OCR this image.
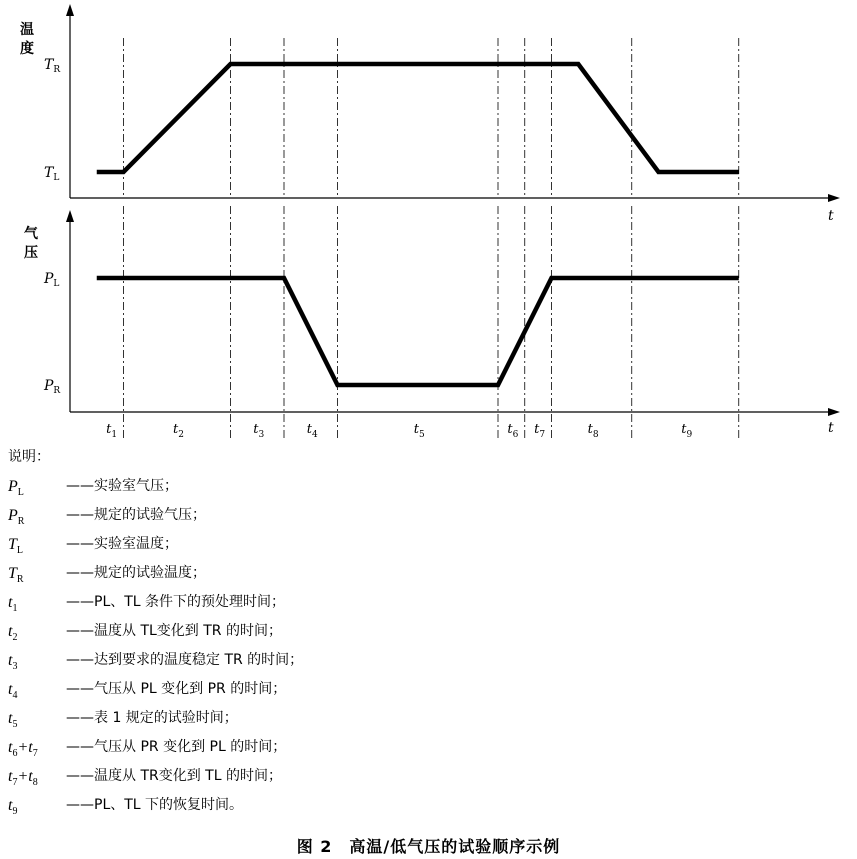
温
度
气
压
t
t
$T_R$
$T_L$
$P_L$
$P_R$
$t_1$	$t_2$	$t_3$	$t_4$	$t_5$	$t_6$ $t_7$	$t_8$	$t_9$
说明：
$P_L$	——实验室气压；
$P_R$	——规定的试验气压；
$T_L$	——实验室温度；
$T_R$	——规定的试验温度；
$t_1$	——PL、TL 条件下的预处理时间；
$t_2$	——温度从 TL变化到 TR 的时间；
$t_3$	——达到要求的温度稳定 TR 的时间；
$t_4$	——气压从 PL 变化到 PR 的时间；
$t_5$	——表 1 规定的试验时间；
$t_6+t_7$	——气压从 PR 变化到 PL 的时间；
$t_7+t_8$	——温度从 TR变化到 TL 的时间；
$t_9$	——PL、TL 下的恢复时间。
图 2　高温/低气压的试验顺序示例
